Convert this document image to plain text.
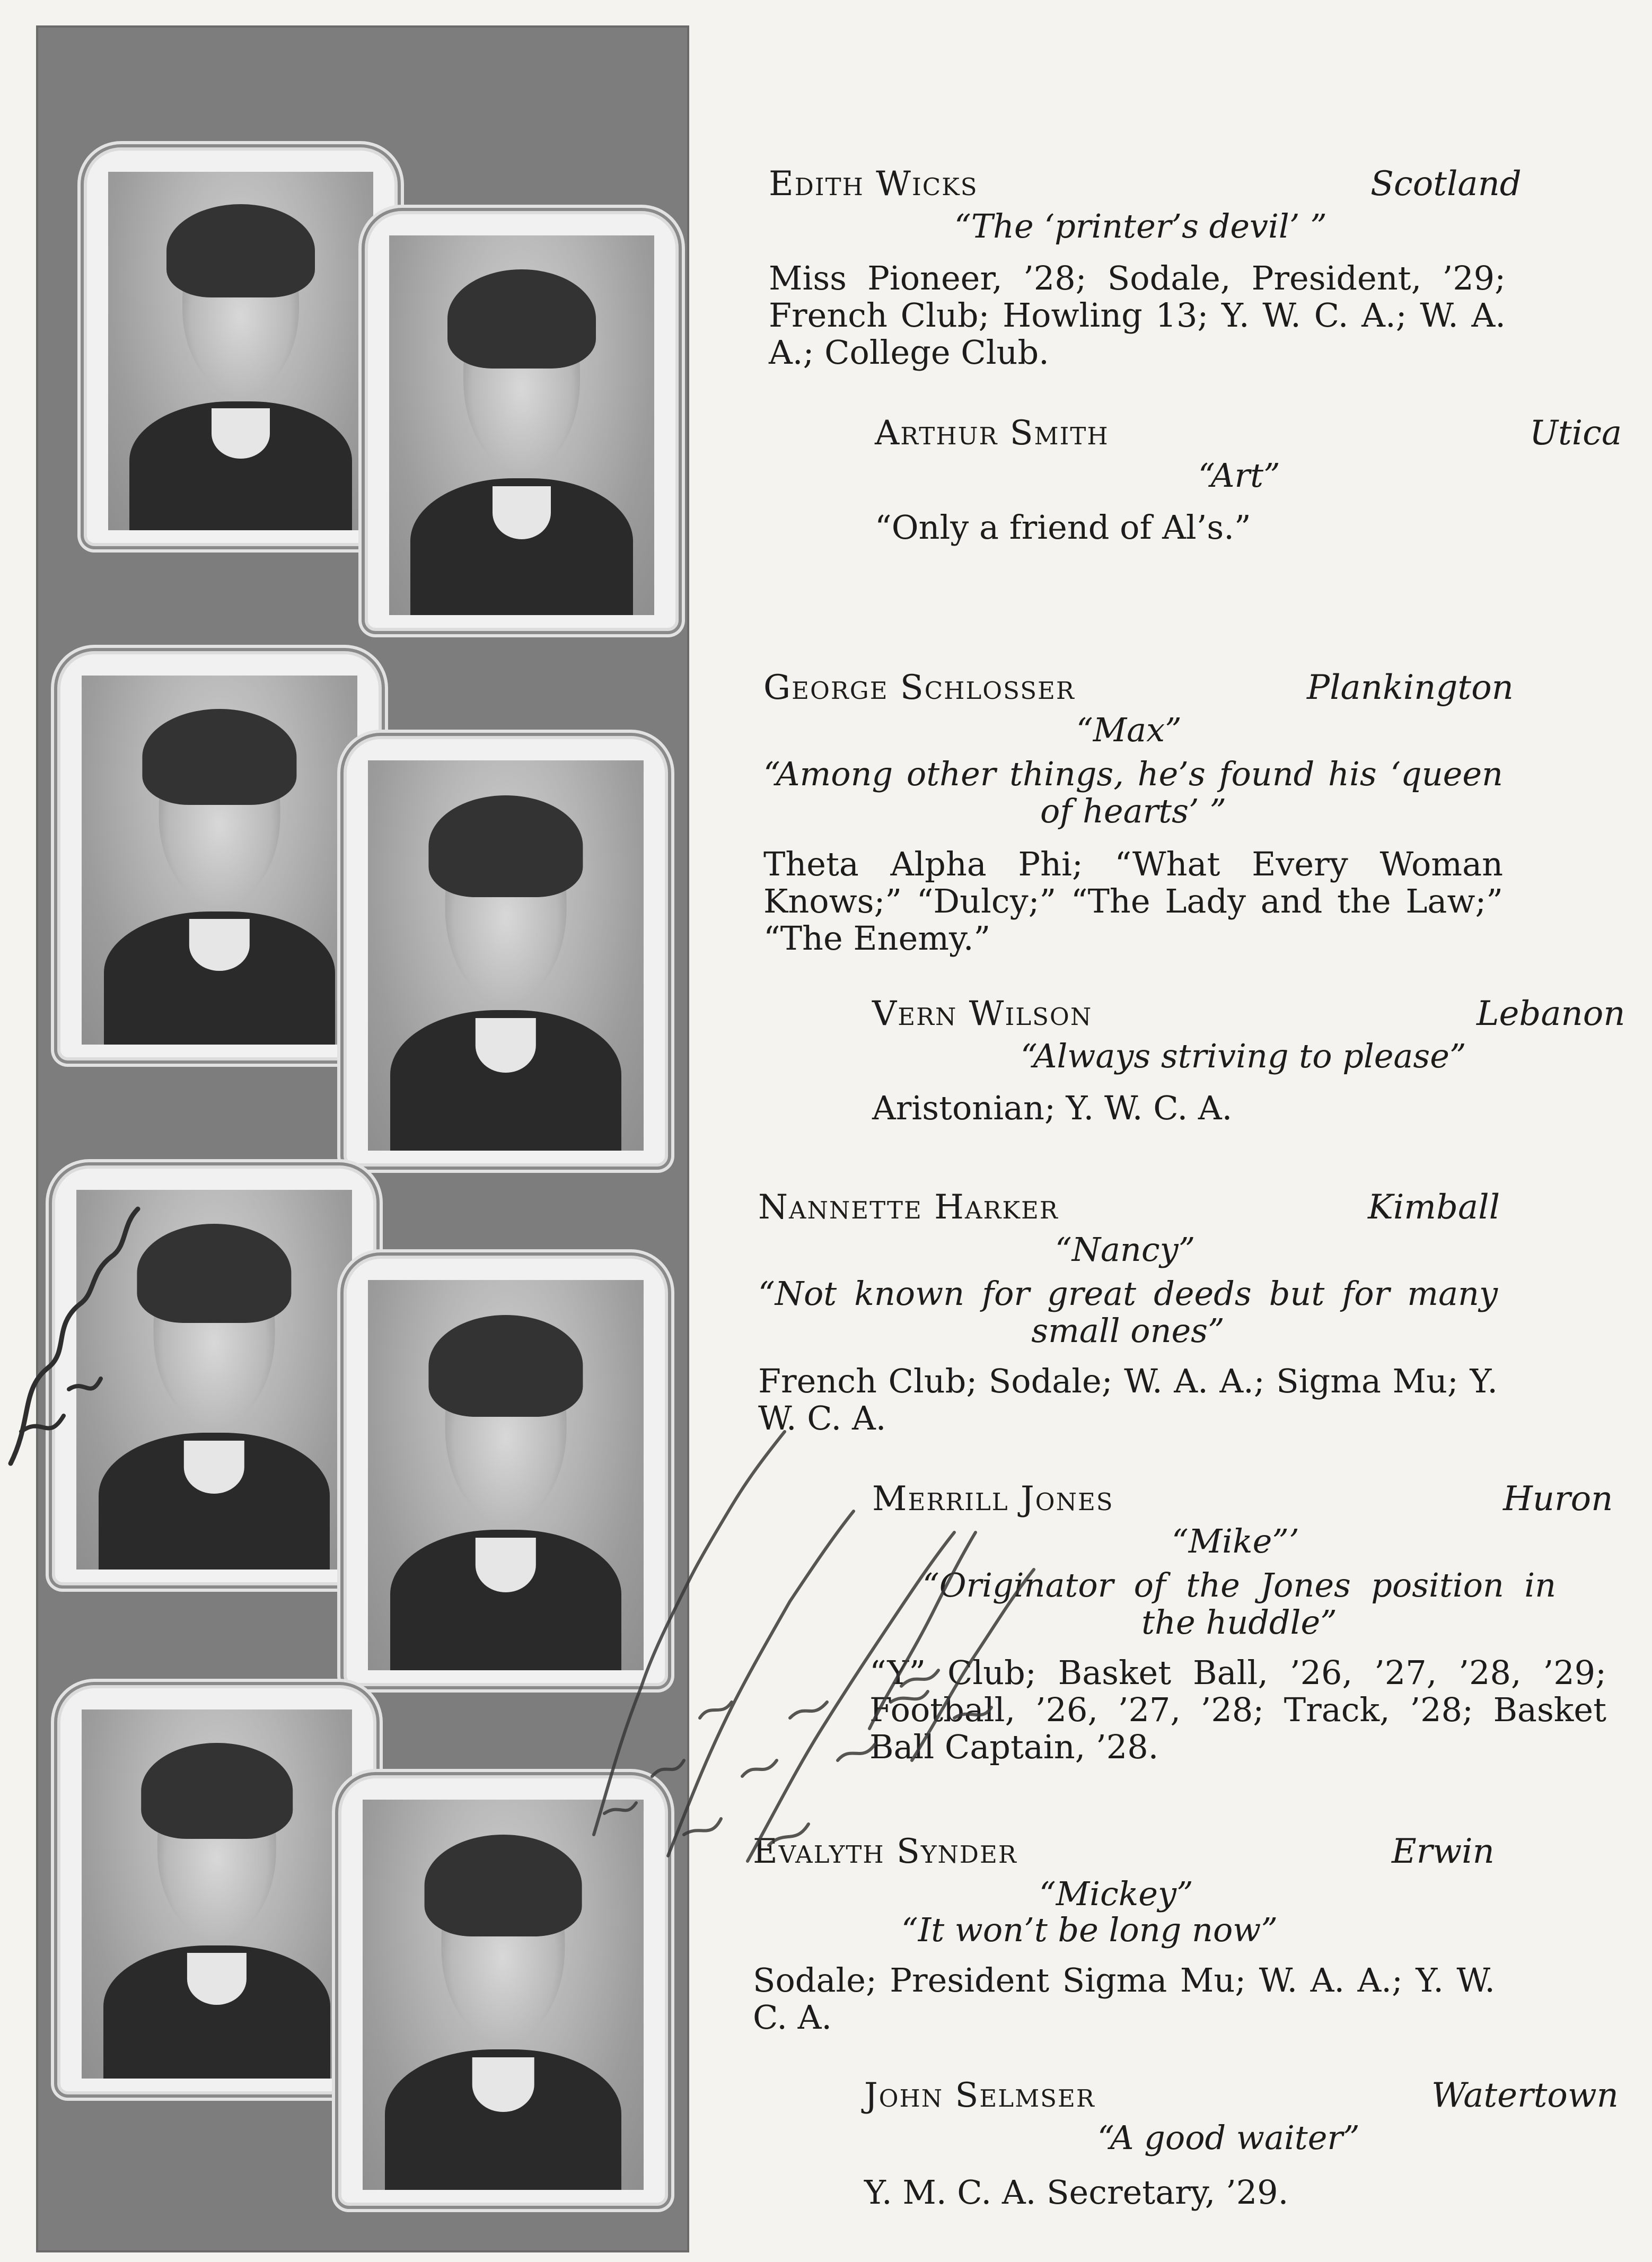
Edith Wicks	Scotland
“The ‘printer’s devil’ ”
Miss Pioneer, ’28; Sodale, President, ’29; French Club; Howling 13; Y. W. C. A.; W. A. A.; College Club.
Arthur Smith	Utica
“Art”
“Only a friend of Al’s.”
George Schlosser	Plankington
“Max”
“Among other things, he’s found his ‘queen of hearts’ ”
Theta Alpha Phi; “What Every Woman Knows;” “Dulcy;” “The Lady and the Law;” “The Enemy.”
Vern Wilson	Lebanon
“Always striving to please”
Aristonian; Y. W. C. A.
Nannette Harker	Kimball
“Nancy”
“Not known for great deeds but for many small ones”
French Club; Sodale; W. A. A.; Sigma Mu; Y. W. C. A.
Merrill Jones	Huron
“Mike”’
“Originator of the Jones position in the huddle”
“Y” Club; Basket Ball, ’26, ’27, ’28, ’29; Football, ’26, ’27, ’28; Track, ’28; Basket Ball Captain, ’28.
Evalyth Synder	Erwin
“Mickey”
“It won’t be long now”
Sodale; President Sigma Mu; W. A. A.; Y. W. C. A.
John Selmser	Watertown
“A good waiter”
Y. M. C. A. Secretary, ’29.
